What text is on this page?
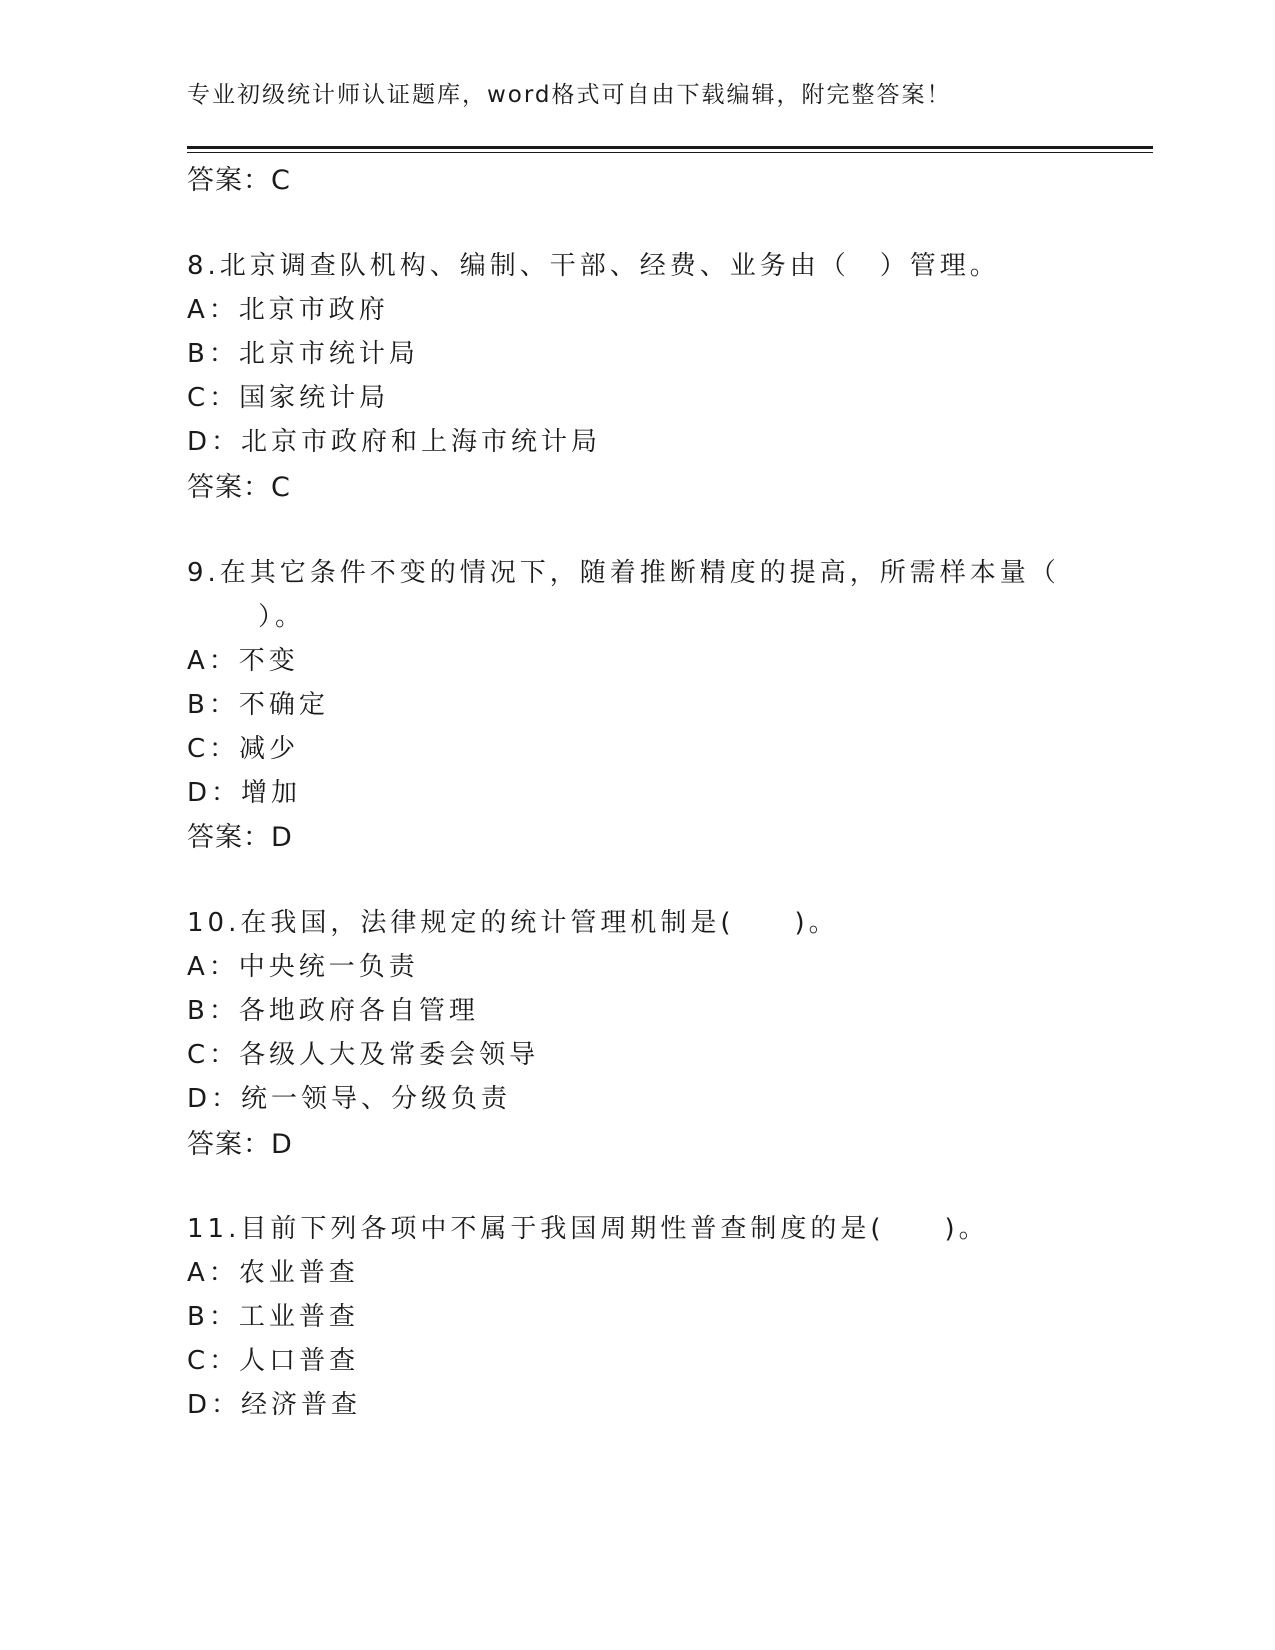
专业初级统计师认证题库，word格式可自由下载编辑，附完整答案！
答案：C
8.北京调查队机构、编制、干部、经费、业务由（　）管理。
A：北京市政府
B：北京市统计局
C：国家统计局
D：北京市政府和上海市统计局
答案：C
9.在其它条件不变的情况下，随着推断精度的提高，所需样本量（
）。
A：不变
B：不确定
C：减少
D：增加
答案：D
10.在我国，法律规定的统计管理机制是(　　)。
A：中央统一负责
B：各地政府各自管理
C：各级人大及常委会领导
D：统一领导、分级负责
答案：D
11.目前下列各项中不属于我国周期性普查制度的是(　　)。
A：农业普查
B：工业普查
C：人口普查
D：经济普查
